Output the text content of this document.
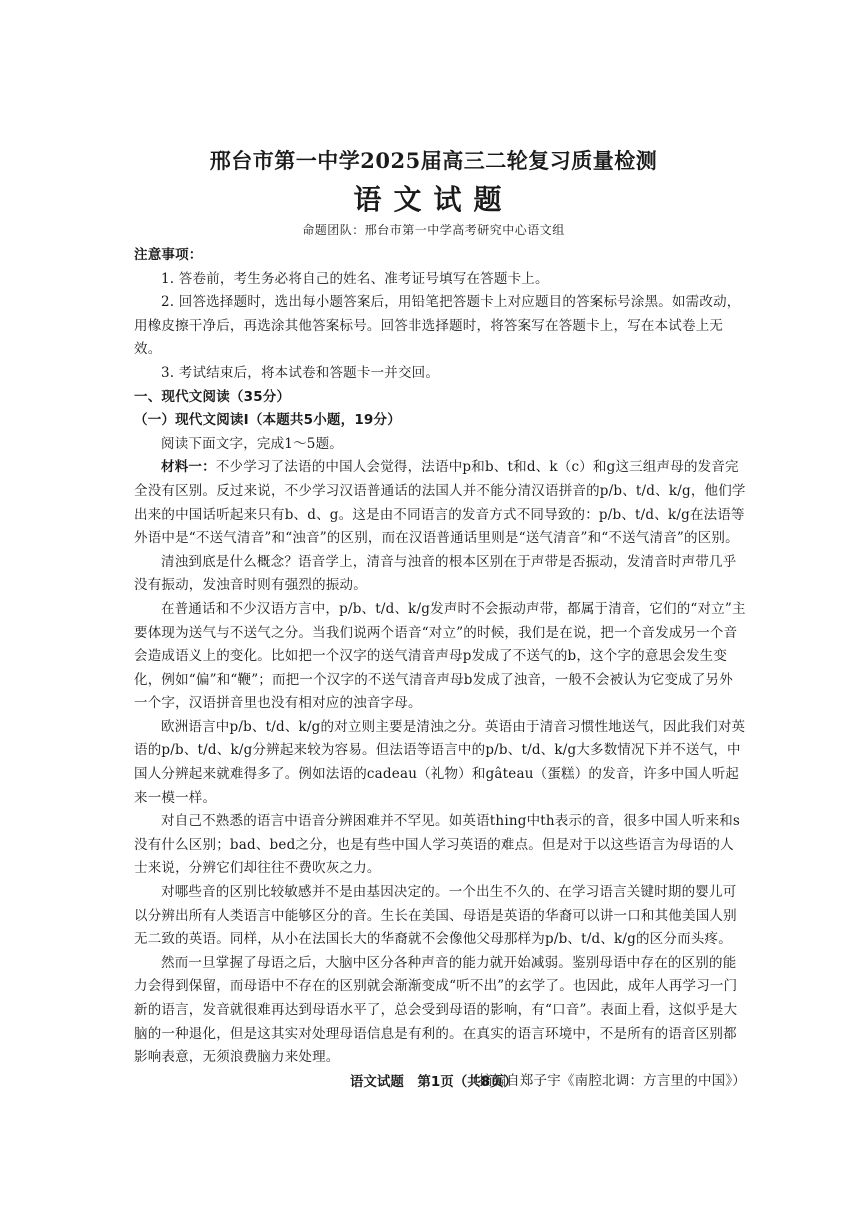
邢台市第一中学2025届高三二轮复习质量检测
语文试题
命题团队：邢台市第一中学高考研究中心语文组

注意事项：

1. 答卷前，考生务必将自己的姓名、准考证号填写在答题卡上。

2. 回答选择题时，选出每小题答案后，用铅笔把答题卡上对应题目的答案标号涂黑。如需改动，用橡皮擦干净后，再选涂其他答案标号。回答非选择题时，将答案写在答题卡上，写在本试卷上无效。

3. 考试结束后，将本试卷和答题卡一并交回。

一、现代文阅读（35分）

（一）现代文阅读Ⅰ（本题共5小题，19分）

阅读下面文字，完成1～5题。

材料一：不少学习了法语的中国人会觉得，法语中p和b、t和d、k（c）和g这三组声母的发音完全没有区别。反过来说，不少学习汉语普通话的法国人并不能分清汉语拼音的p/b、t/d、k/g，他们学出来的中国话听起来只有b、d、g。这是由不同语言的发音方式不同导致的：p/b、t/d、k/g在法语等外语中是“不送气清音”和“浊音”的区别，而在汉语普通话里则是“送气清音”和“不送气清音”的区别。

清浊到底是什么概念？语音学上，清音与浊音的根本区别在于声带是否振动，发清音时声带几乎没有振动，发浊音时则有强烈的振动。

在普通话和不少汉语方言中，p/b、t/d、k/g发声时不会振动声带，都属于清音，它们的“对立”主要体现为送气与不送气之分。当我们说两个语音“对立”的时候，我们是在说，把一个音发成另一个音会造成语义上的变化。比如把一个汉字的送气清音声母p发成了不送气的b，这个字的意思会发生变化，例如“偏”和“鞭”；而把一个汉字的不送气清音声母b发成了浊音，一般不会被认为它变成了另外一个字，汉语拼音里也没有相对应的浊音字母。

欧洲语言中p/b、t/d、k/g的对立则主要是清浊之分。英语由于清音习惯性地送气，因此我们对英语的p/b、t/d、k/g分辨起来较为容易。但法语等语言中的p/b、t/d、k/g大多数情况下并不送气，中国人分辨起来就难得多了。例如法语的cadeau（礼物）和gâteau（蛋糕）的发音，许多中国人听起来一模一样。

对自己不熟悉的语言中语音分辨困难并不罕见。如英语thing中th表示的音，很多中国人听来和s没有什么区别；bad、bed之分，也是有些中国人学习英语的难点。但是对于以这些语言为母语的人士来说，分辨它们却往往不费吹灰之力。

对哪些音的区别比较敏感并不是由基因决定的。一个出生不久的、在学习语言关键时期的婴儿可以分辨出所有人类语言中能够区分的音。生长在美国、母语是英语的华裔可以讲一口和其他美国人别无二致的英语。同样，从小在法国长大的华裔就不会像他父母那样为p/b、t/d、k/g的区分而头疼。

然而一旦掌握了母语之后，大脑中区分各种声音的能力就开始减弱。鉴别母语中存在的区别的能力会得到保留，而母语中不存在的区别就会渐渐变成“听不出”的玄学了。也因此，成年人再学习一门新的语言，发音就很难再达到母语水平了，总会受到母语的影响，有“口音”。表面上看，这似乎是大脑的一种退化，但是这其实对处理母语信息是有利的。在真实的语言环境中，不是所有的语音区别都影响表意，无须浪费脑力来处理。

（摘编自郑子宇《南腔北调：方言里的中国》）

语文试题　第1页（共8页）
